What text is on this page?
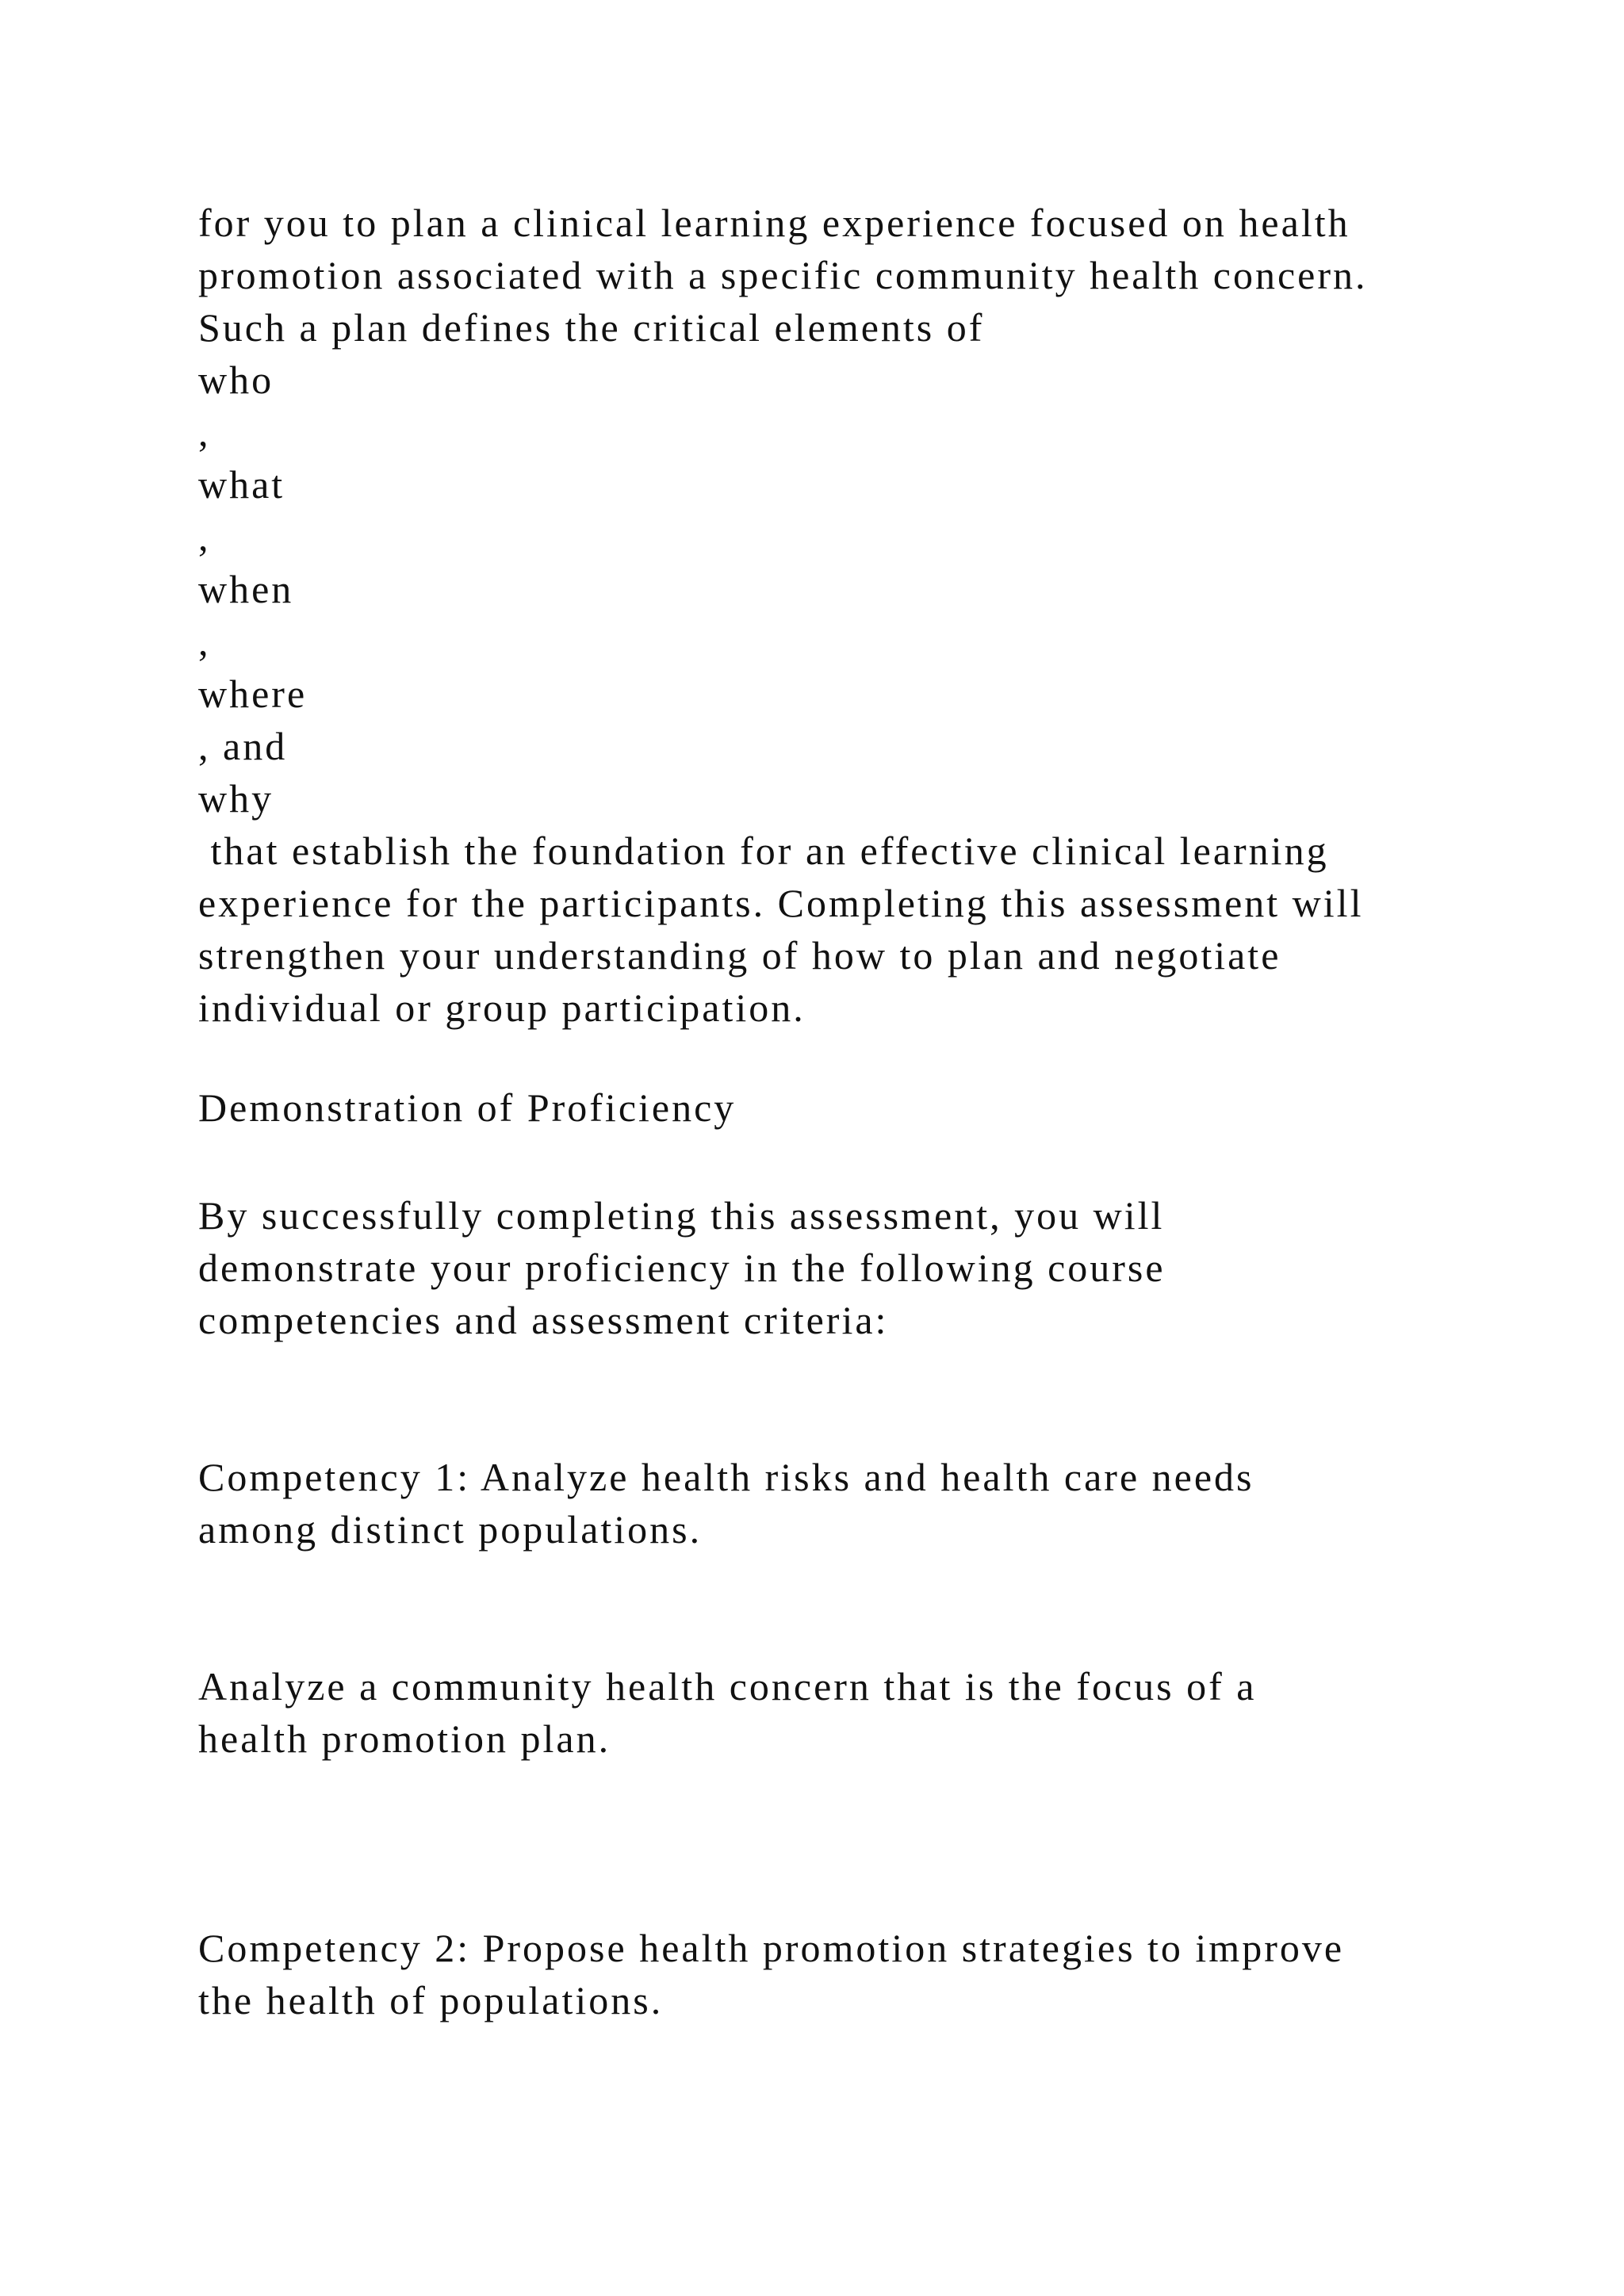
for you to plan a clinical learning experience focused on health

promotion associated with a specific community health concern.

Such a plan defines the critical elements of

who

,

what

,

when

,

where

, and

why

that establish the foundation for an effective clinical learning

experience for the participants. Completing this assessment will

strengthen your understanding of how to plan and negotiate

individual or group participation.

Demonstration of Proficiency

By successfully completing this assessment, you will

demonstrate your proficiency in the following course

competencies and assessment criteria:

Competency 1: Analyze health risks and health care needs

among distinct populations.

Analyze a community health concern that is the focus of a

health promotion plan.

Competency 2: Propose health promotion strategies to improve

the health of populations.
